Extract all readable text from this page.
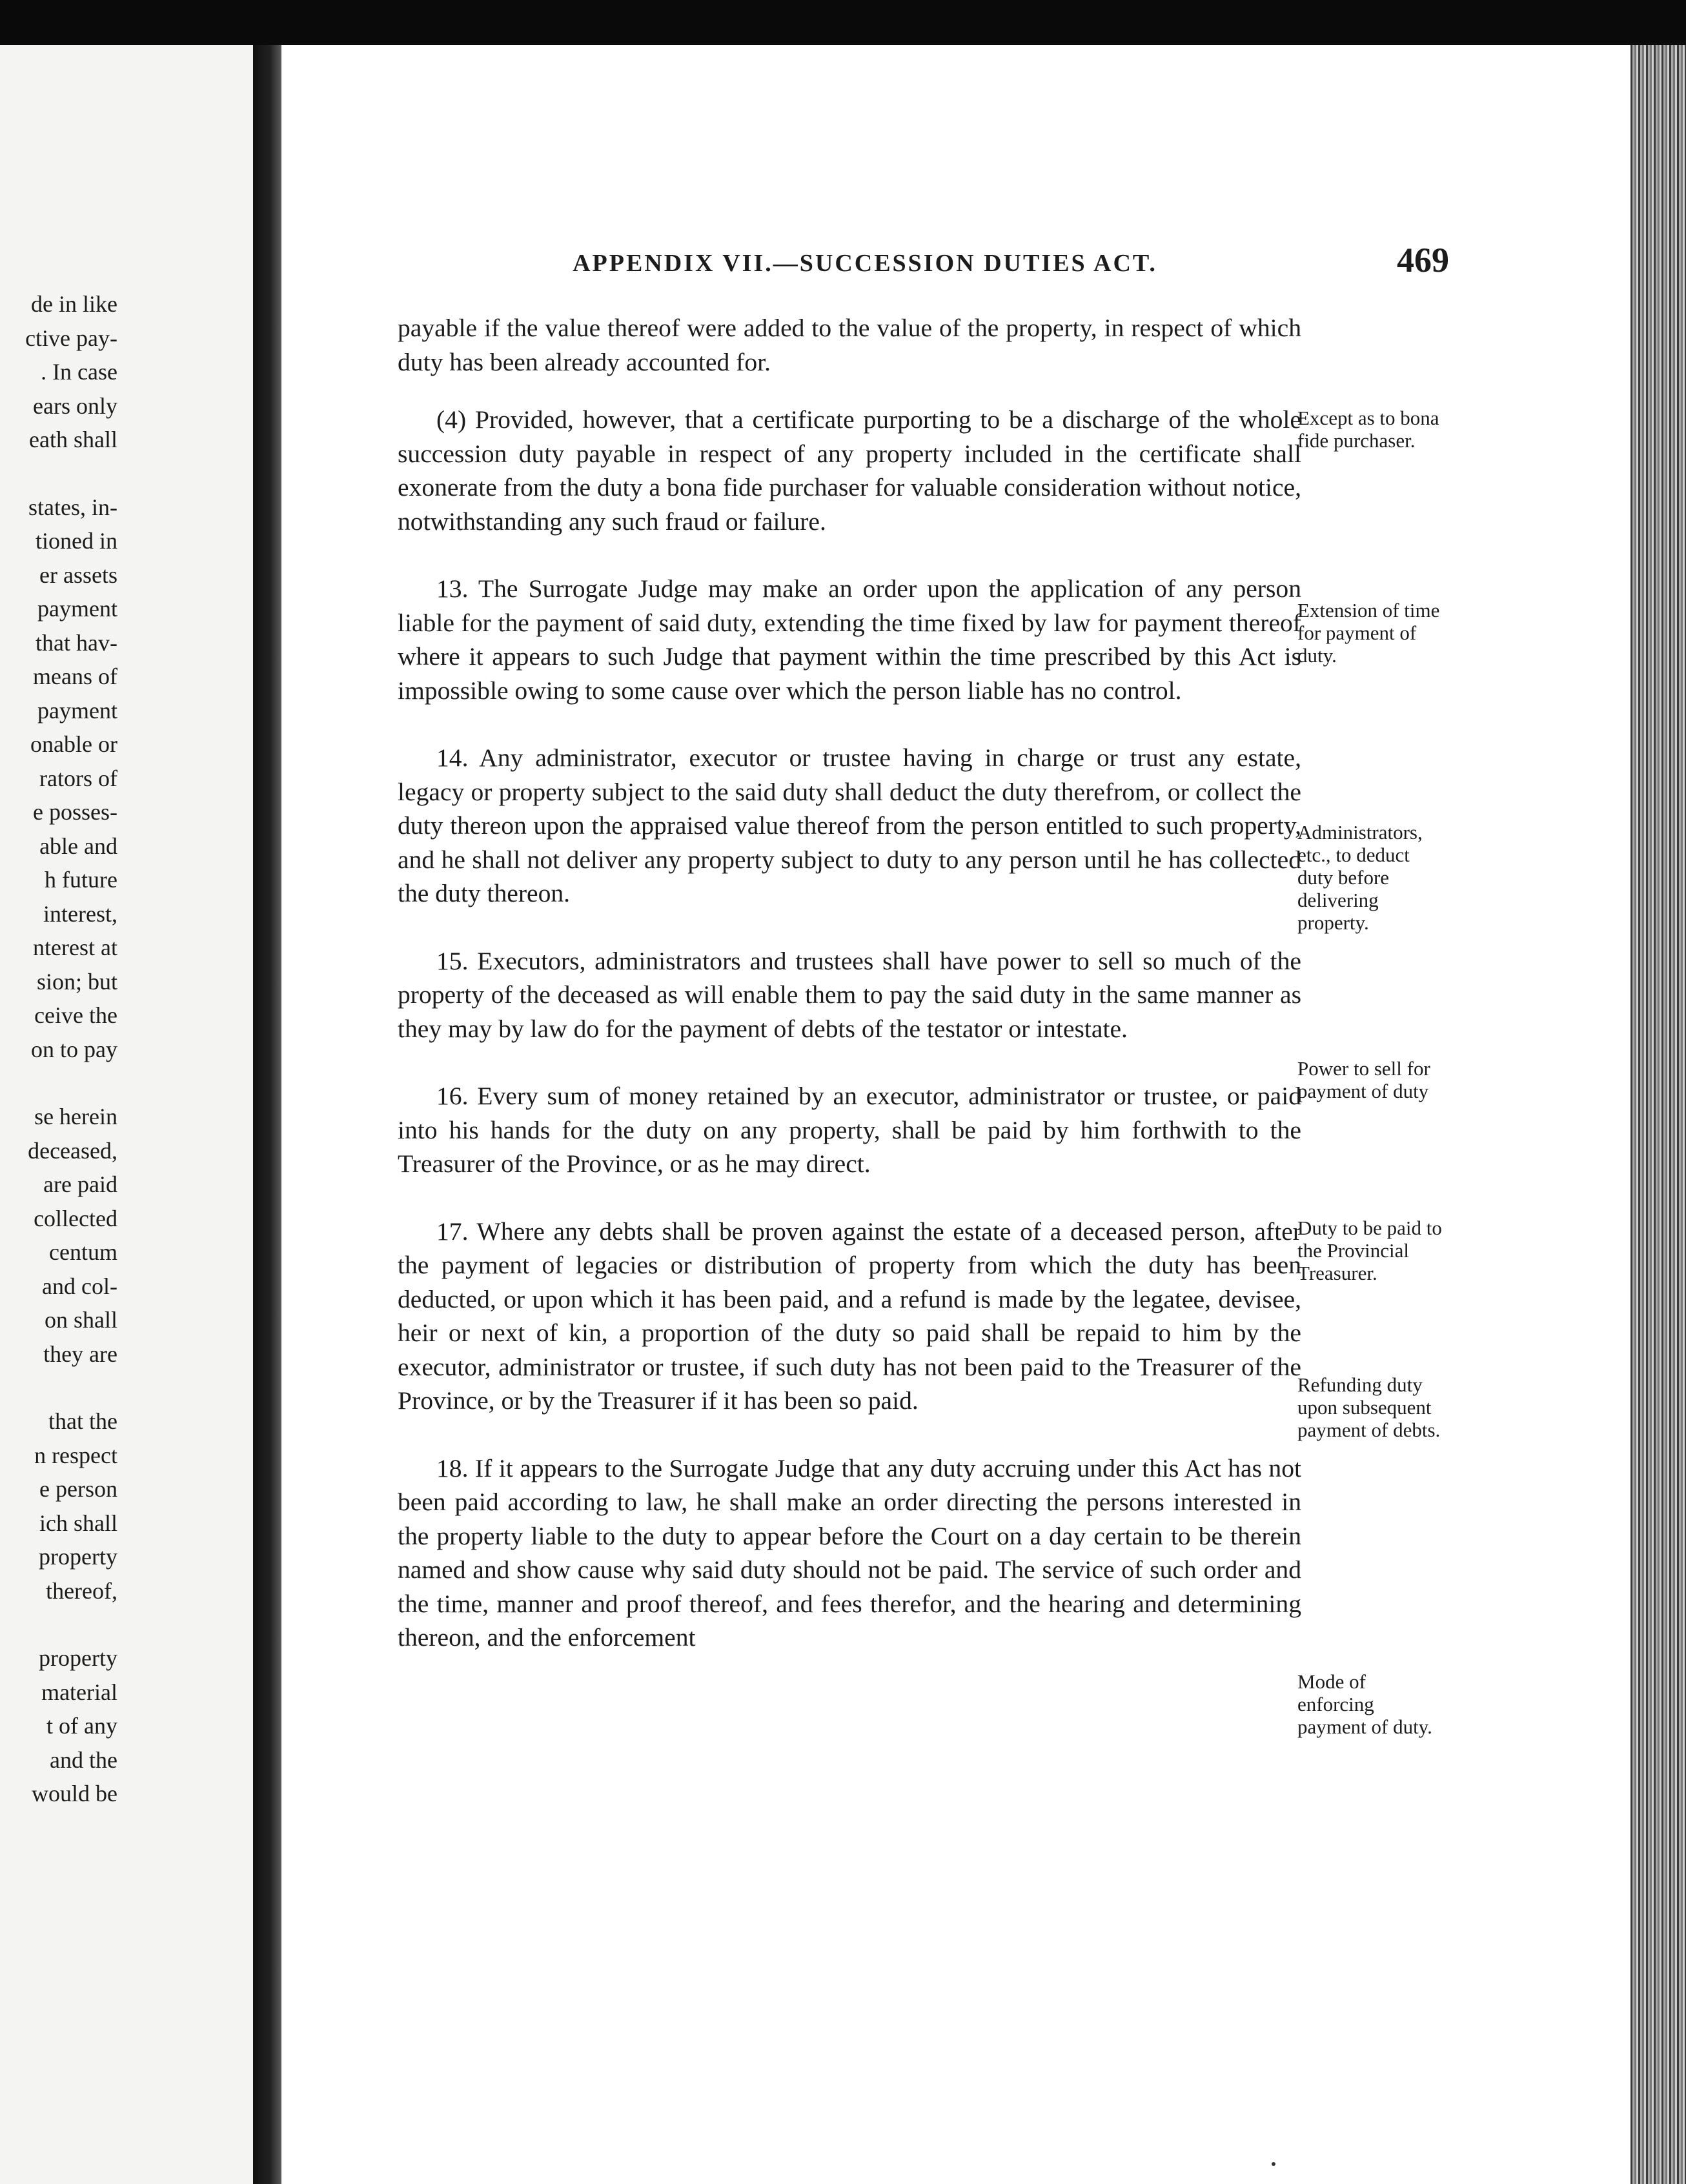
de in like
ctive pay-
. In case
ears only
eath shall
states, in-
tioned in
er assets
payment
that hav-
means of
payment
onable or
rators of
e posses-
able and
h future
interest,
nterest at
sion; but
ceive the
on to pay
se herein
deceased,
are paid
collected
centum
and col-
on shall
they are
that the
n respect
e person
ich shall
property
thereof,
property
material
t of any
and the
would be
APPENDIX VII.—SUCCESSION DUTIES ACT.	469

payable if the value thereof were added to the value of the property, in respect of which duty has been already accounted for.

(4) Provided, however, that a certificate purporting to be a discharge of the whole succession duty payable in respect of any property included in the certificate shall exonerate from the duty a bona fide purchaser for valuable consideration without notice, notwithstanding any such fraud or failure.

13. The Surrogate Judge may make an order upon the application of any person liable for the payment of said duty, extending the time fixed by law for payment thereof where it appears to such Judge that payment within the time prescribed by this Act is impossible owing to some cause over which the person liable has no control.

14. Any administrator, executor or trustee having in charge or trust any estate, legacy or property subject to the said duty shall deduct the duty therefrom, or collect the duty thereon upon the appraised value thereof from the person entitled to such property, and he shall not deliver any property subject to duty to any person until he has collected the duty thereon.

15. Executors, administrators and trustees shall have power to sell so much of the property of the deceased as will enable them to pay the said duty in the same manner as they may by law do for the payment of debts of the testator or intestate.

16. Every sum of money retained by an executor, administrator or trustee, or paid into his hands for the duty on any property, shall be paid by him forthwith to the Treasurer of the Province, or as he may direct.

17. Where any debts shall be proven against the estate of a deceased person, after the payment of legacies or distribution of property from which the duty has been deducted, or upon which it has been paid, and a refund is made by the legatee, devisee, heir or next of kin, a proportion of the duty so paid shall be repaid to him by the executor, administrator or trustee, if such duty has not been paid to the Treasurer of the Province, or by the Treasurer if it has been so paid.

18. If it appears to the Surrogate Judge that any duty accruing under this Act has not been paid according to law, he shall make an order directing the persons interested in the property liable to the duty to appear before the Court on a day certain to be therein named and show cause why said duty should not be paid. The service of such order and the time, manner and proof thereof, and fees therefor, and the hearing and determining thereon, and the enforcement

Except as to bona fide purchaser.
Extension of time for payment of duty.
Administrators, etc., to deduct duty before delivering property.
Power to sell for payment of duty
Duty to be paid to the Provincial Treasurer.
Refunding duty upon subsequent payment of debts.
Mode of enforcing payment of duty.
